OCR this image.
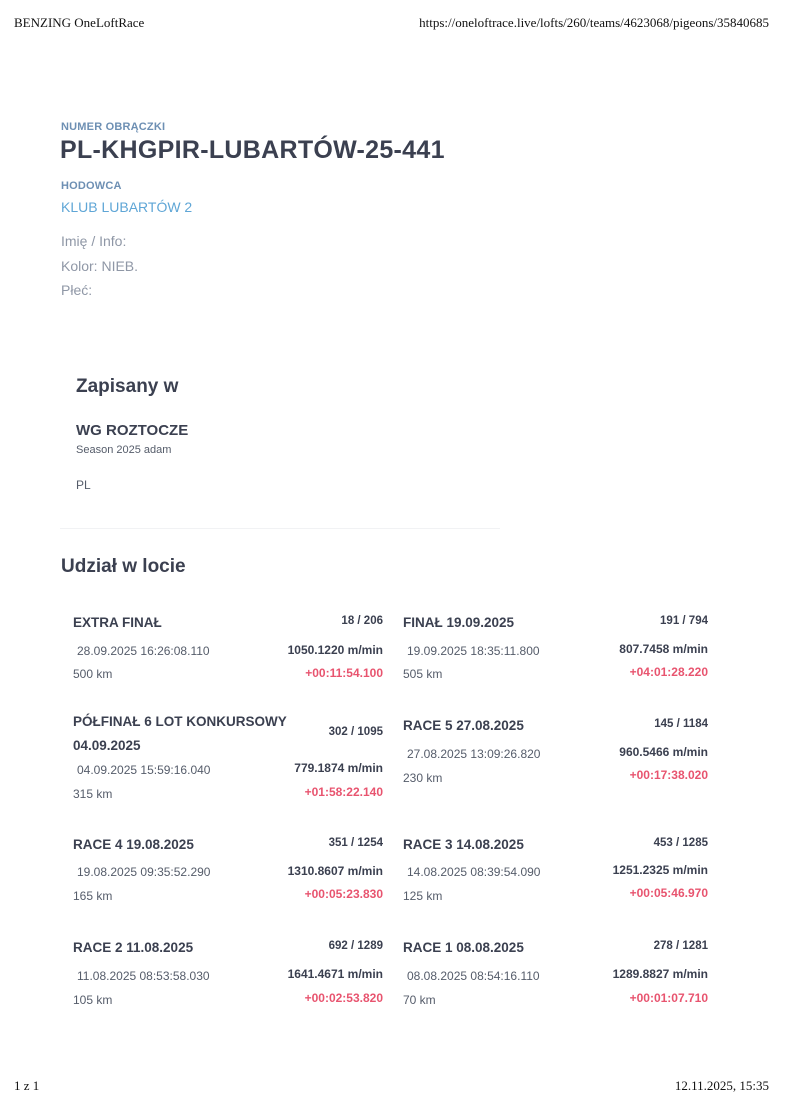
BENZING OneLoftRace	https://oneloftrace.live/lofts/260/teams/4623068/pigeons/35840685
NUMER OBRĄCZKI
PL-KHGPIR-LUBARTÓW-25-441
HODOWCA
KLUB LUBARTÓW 2
Imię / Info:
Kolor: NIEB.
Płeć:
Zapisany w
WG ROZTOCZE
Season 2025 adam
PL
Udział w locie
EXTRA FINAŁ	18 / 206
28.09.2025 16:26:08.110	1050.1220 m/min
500 km	+00:11:54.100
FINAŁ 19.09.2025	191 / 794
19.09.2025 18:35:11.800	807.7458 m/min
505 km	+04:01:28.220
PÓŁFINAŁ 6 LOT KONKURSOWY 04.09.2025
302 / 1095
04.09.2025 15:59:16.040	779.1874 m/min
315 km	+01:58:22.140
RACE 5 27.08.2025	145 / 1184
27.08.2025 13:09:26.820	960.5466 m/min
230 km	+00:17:38.020
RACE 4 19.08.2025	351 / 1254
19.08.2025 09:35:52.290	1310.8607 m/min
165 km	+00:05:23.830
RACE 3 14.08.2025	453 / 1285
14.08.2025 08:39:54.090	1251.2325 m/min
125 km	+00:05:46.970
RACE 2 11.08.2025	692 / 1289
11.08.2025 08:53:58.030	1641.4671 m/min
105 km	+00:02:53.820
RACE 1 08.08.2025	278 / 1281
08.08.2025 08:54:16.110	1289.8827 m/min
70 km	+00:01:07.710
1 z 1	12.11.2025, 15:35
